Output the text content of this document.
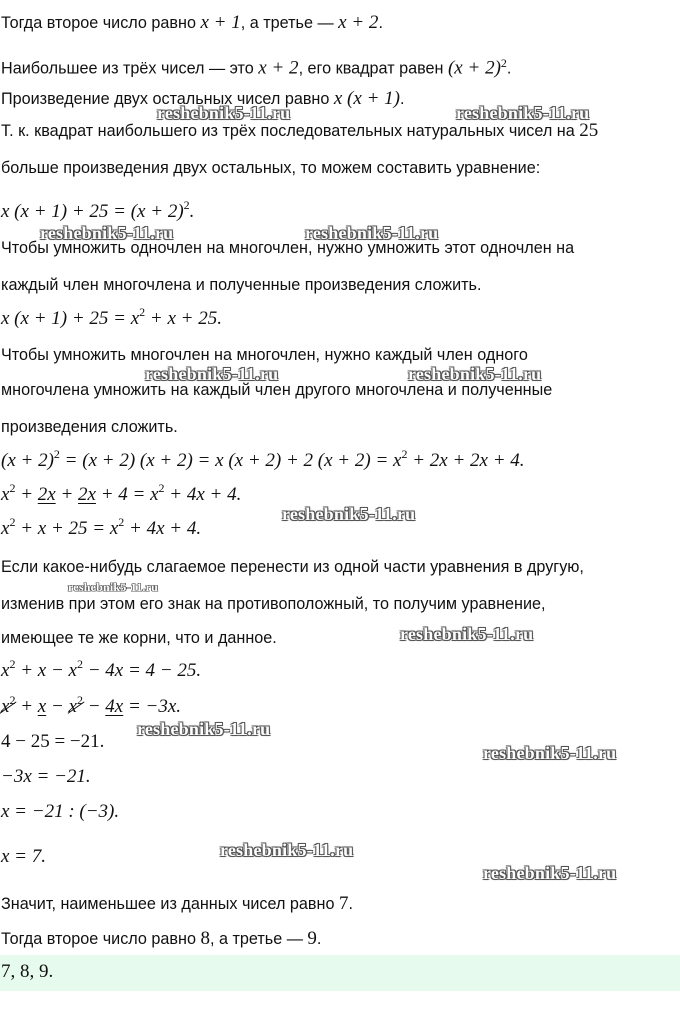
Тогда второе число равно x + 1, а третье — x + 2.
Наибольшее из трёх чисел — это x + 2, его квадрат равен $(x + 2)^2$.
Произведение двух остальных чисел равно x (x + 1).
Т. к. квадрат наибольшего из трёх последовательных натуральных чисел на 25
больше произведения двух остальных, то можем составить уравнение:
x $(x + 1) + 25 = (x + 2)^2$.
Чтобы умножить одночлен на многочлен, нужно умножить этот одночлен на
каждый член многочлена и полученные произведения сложить.
x $(x + 1) + 25 = x^2 + x + 25$.
Чтобы умножить многочлен на многочлен, нужно каждый член одного
многочлена умножить на каждый член другого многочлена и полученные
произведения сложить.
$(x + 2)^2 = (x + 2)$ (x + 2) = x (x + 2) + 2 $(x + 2) = x^2 + 2x + 2x + 4$.
$x^2 + 2x + 2x + 4 = x^2 + 4x + 4$.
$x^2 + x + 25 = x^2 + 4x + 4$.
Если какое-нибудь слагаемое перенести из одной части уравнения в другую,
изменив при этом его знак на противоположный, то получим уравнение,
имеющее те же корни, что и данное.
$x^2 + x - x^2 - 4x = 4 - 25$.
$x^2 + x - x^2 - 4x = -3x$.
4 − 25 = −21.
−3x = −21.
x = −21 : (−3).
x = 7.
Значит, наименьшее из данных чисел равно 7.
Тогда второе число равно 8, а третье — 9.
7, 8, 9.
reshebnik5-11.ru	reshebnik5-11.ru
reshebnik5-11.ru	reshebnik5-11.ru
reshebnik5-11.ru	reshebnik5-11.ru
reshebnik5-11.ru
reshebnik5-11.ru
reshebnik5-11.ru
reshebnik5-11.ru
reshebnik5-11.ru
reshebnik5-11.ru
reshebnik5-11.ru
